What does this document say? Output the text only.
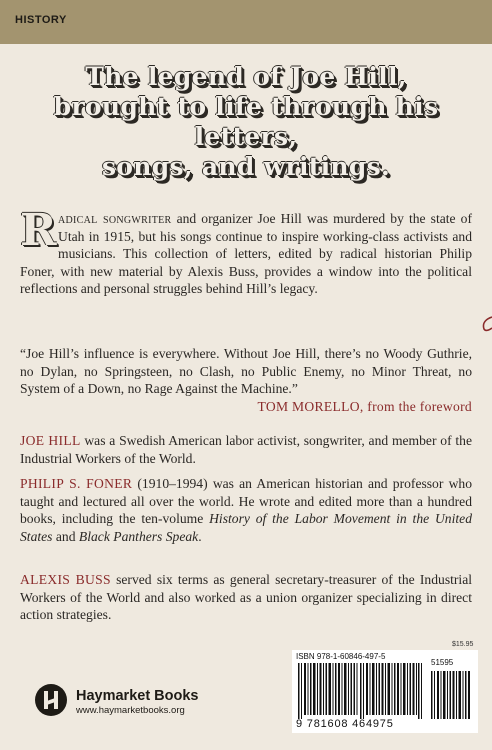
HISTORY
The legend of Joe Hill,
brought to life through his letters,
songs, and writings.
R adical songwriter and organizer Joe Hill was murdered by the state of Utah in 1915, but his songs continue to inspire working-class activists and musicians. This collection of letters, edited by radical historian Philip Foner, with new material by Alexis Buss, provides a window into the political reflections and personal struggles behind Hill’s legacy.
“Joe Hill’s influence is everywhere. Without Joe Hill, there’s no Woody Guthrie, no Dylan, no Springsteen, no Clash, no Public Enemy, no Minor Threat, no System of a Down, no Rage Against the Machine.”
TOM MORELLO, from the foreword

JOE HILL was a Swedish American labor activist, songwriter, and member of the Industrial Workers of the World.

PHILIP S. FONER (1910–1994) was an American historian and professor who taught and lectured all over the world. He wrote and edited more than a hundred books, including the ten-volume History of the Labor Movement in the United States and Black Panthers Speak.

ALEXIS BUSS served six terms as general secretary-treasurer of the Industrial Workers of the World and also worked as a union organizer specializing in direct action strategies.

$15.95
ISBN 978-1-60846-497-5
51595
9 781608 464975
Haymarket Books
www.haymarketbooks.org
